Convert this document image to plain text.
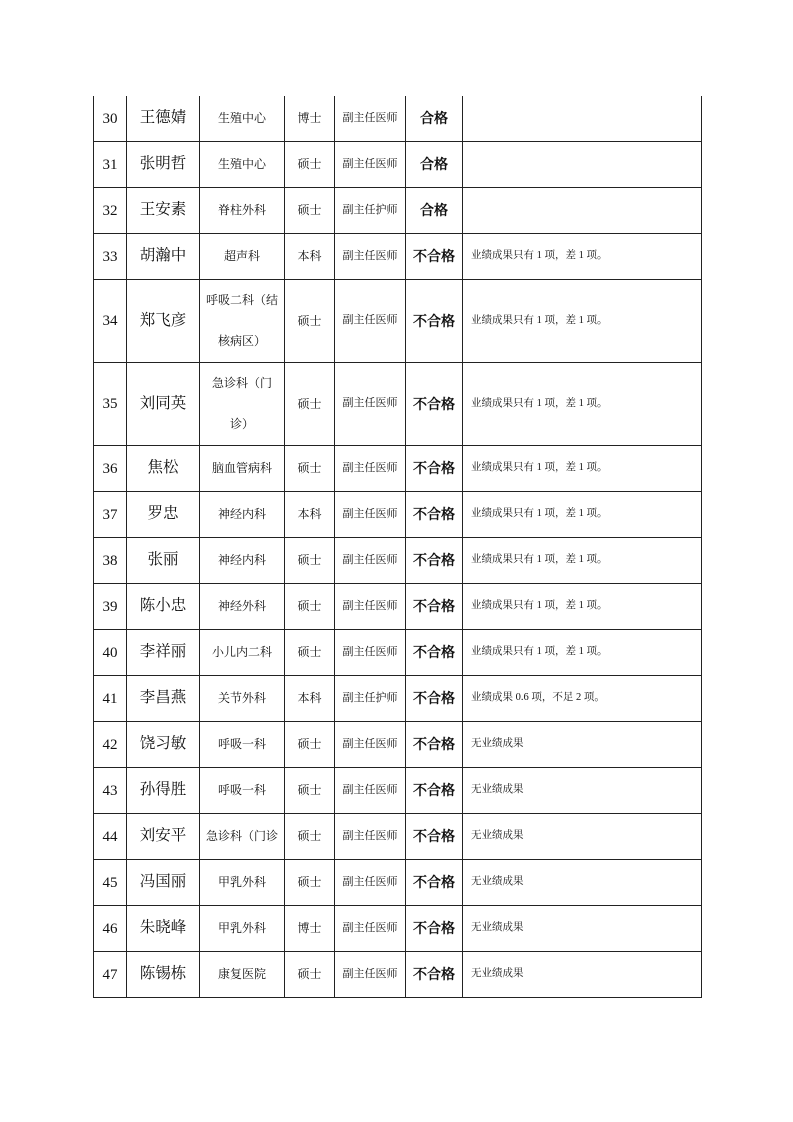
30	王德婧	生殖中心	博士	副主任医师	合格	
31	张明哲	生殖中心	硕士	副主任医师	合格	
32	王安素	脊柱外科	硕士	副主任护师	合格	
33	胡瀚中	超声科	本科	副主任医师	不合格	业绩成果只有 1 项，差 1 项。
34	郑飞彦	呼吸二科（结核病区）	硕士	副主任医师	不合格	业绩成果只有 1 项，差 1 项。
35	刘同英	急诊科（门诊）	硕士	副主任医师	不合格	业绩成果只有 1 项，差 1 项。
36	焦松	脑血管病科	硕士	副主任医师	不合格	业绩成果只有 1 项，差 1 项。
37	罗忠	神经内科	本科	副主任医师	不合格	业绩成果只有 1 项，差 1 项。
38	张丽	神经内科	硕士	副主任医师	不合格	业绩成果只有 1 项，差 1 项。
39	陈小忠	神经外科	硕士	副主任医师	不合格	业绩成果只有 1 项，差 1 项。
40	李祥丽	小儿内二科	硕士	副主任医师	不合格	业绩成果只有 1 项，差 1 项。
41	李昌燕	关节外科	本科	副主任护师	不合格	业绩成果 0.6 项，不足 2 项。
42	饶习敏	呼吸一科	硕士	副主任医师	不合格	无业绩成果
43	孙得胜	呼吸一科	硕士	副主任医师	不合格	无业绩成果
44	刘安平	急诊科（门诊	硕士	副主任医师	不合格	无业绩成果
45	冯国丽	甲乳外科	硕士	副主任医师	不合格	无业绩成果
46	朱晓峰	甲乳外科	博士	副主任医师	不合格	无业绩成果
47	陈锡栋	康复医院	硕士	副主任医师	不合格	无业绩成果
